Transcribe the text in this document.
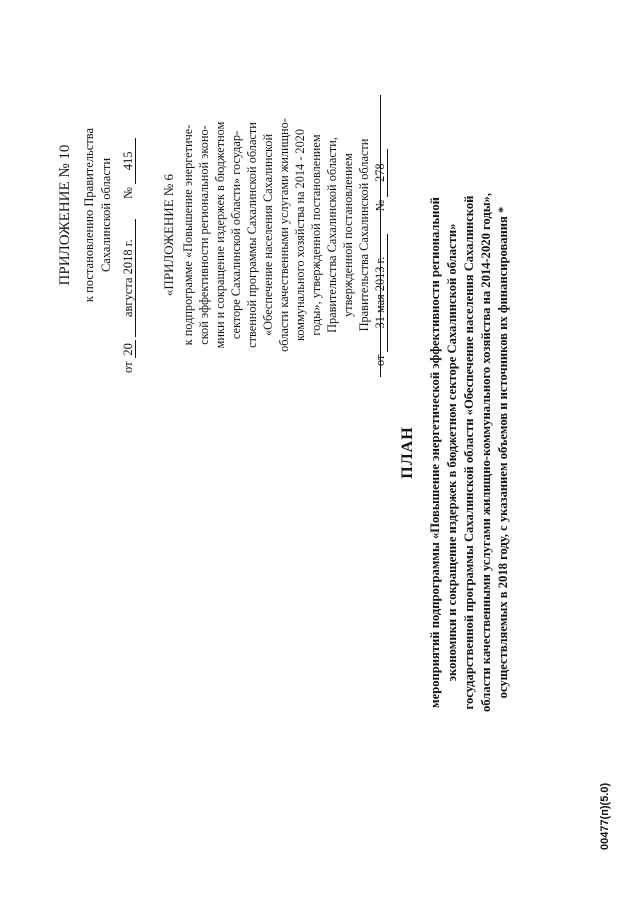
ПРИЛОЖЕНИЕ № 10 к постановлению Правительства Сахалинской области
от 20 августа 2018 г.  № 415
«ПРИЛОЖЕНИЕ № 6 к подпрограмме «Повышение энергетиче- ской эффективности региональной эконо- мики и сокращение издержек в бюджетном секторе Сахалинской области» государ- ственной программы Сахалинской области «Обеспечение населения Сахалинской области качественными услугами жилищно- коммунального хозяйства на 2014 - 2020 годы», утвержденной постановлением Правительства Сахалинской области, утвержденной постановлением Правительства Сахалинской области
от 31 мая 2013 г.  № 278
ПЛАН мероприятий подпрограммы «Повышение энергетической эффективности региональной экономики и сокращение издержек в бюджетном секторе Сахалинской области» государственной программы Сахалинской области «Обеспечение населения Сахалинской области качественными услугами жилищно-коммунального хозяйства на 2014-2020 годы», осуществляемых в 2018 году, с указанием объемов и источников их финансирования *
00477(п)(5.0)
